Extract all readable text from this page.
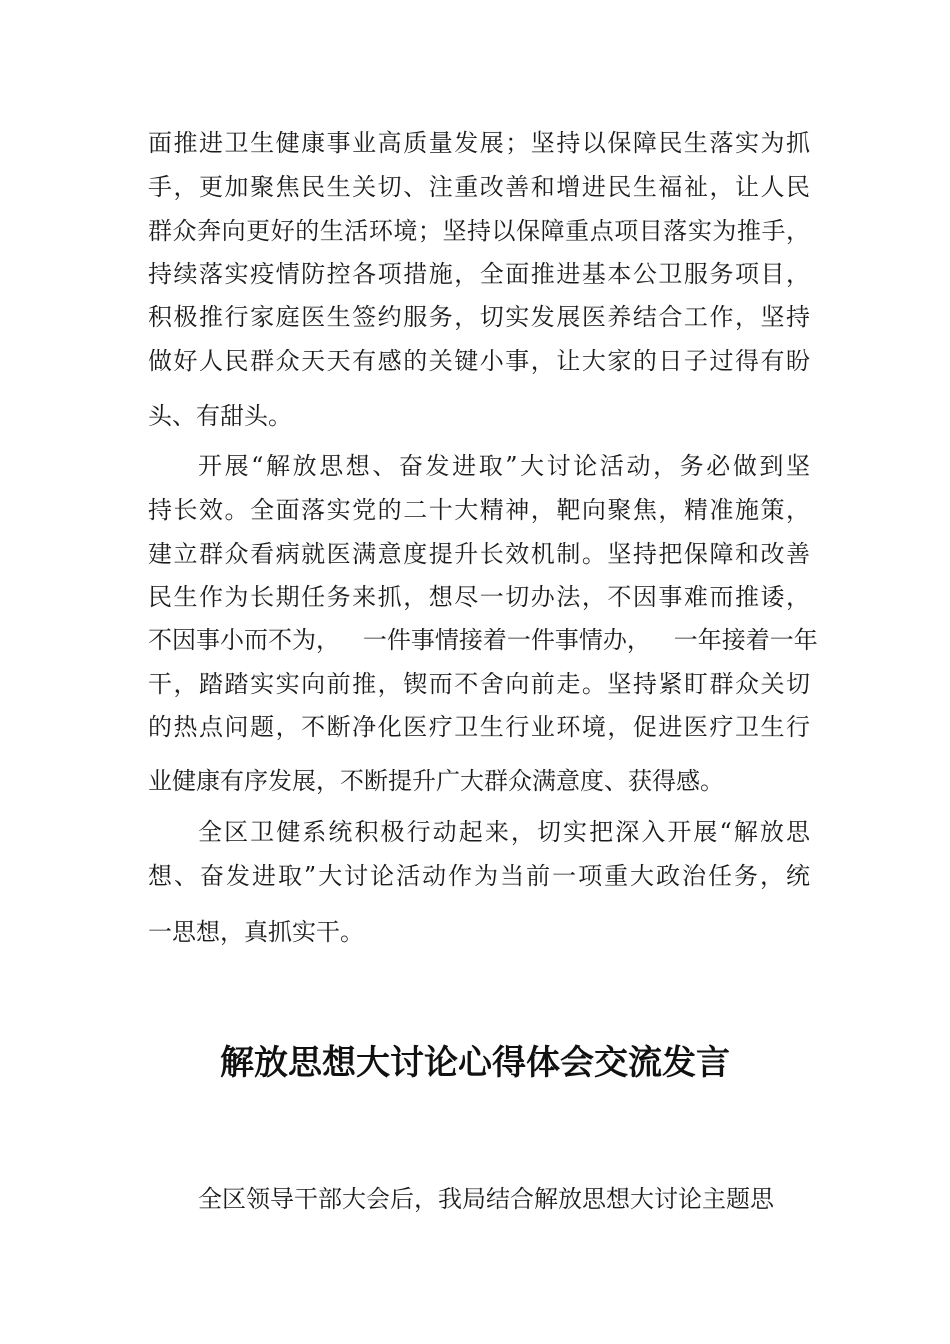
面推进卫生健康事业高质量发展；坚持以保障民生落实为抓
手，更加聚焦民生关切、注重改善和增进民生福祉，让人民
群众奔向更好的生活环境；坚持以保障重点项目落实为推手，
持续落实疫情防控各项措施，全面推进基本公卫服务项目，
积极推行家庭医生签约服务，切实发展医养结合工作，坚持
做好人民群众天天有感的关键小事，让大家的日子过得有盼
头、有甜头。
开展“解放思想、奋发进取”大讨论活动，务必做到坚
持长效。全面落实党的二十大精神，靶向聚焦，精准施策，
建立群众看病就医满意度提升长效机制。坚持把保障和改善
民生作为长期任务来抓，想尽一切办法，不因事难而推诿，
不因事小而不为，   一件事情接着一件事情办，   一年接着一年
干，踏踏实实向前推，锲而不舍向前走。坚持紧盯群众关切
的热点问题，不断净化医疗卫生行业环境，促进医疗卫生行
业健康有序发展，不断提升广大群众满意度、获得感。
全区卫健系统积极行动起来，切实把深入开展“解放思
想、奋发进取”大讨论活动作为当前一项重大政治任务，统
一思想，真抓实干。
解放思想大讨论心得体会交流发言
全区领导干部大会后，我局结合解放思想大讨论主题思
